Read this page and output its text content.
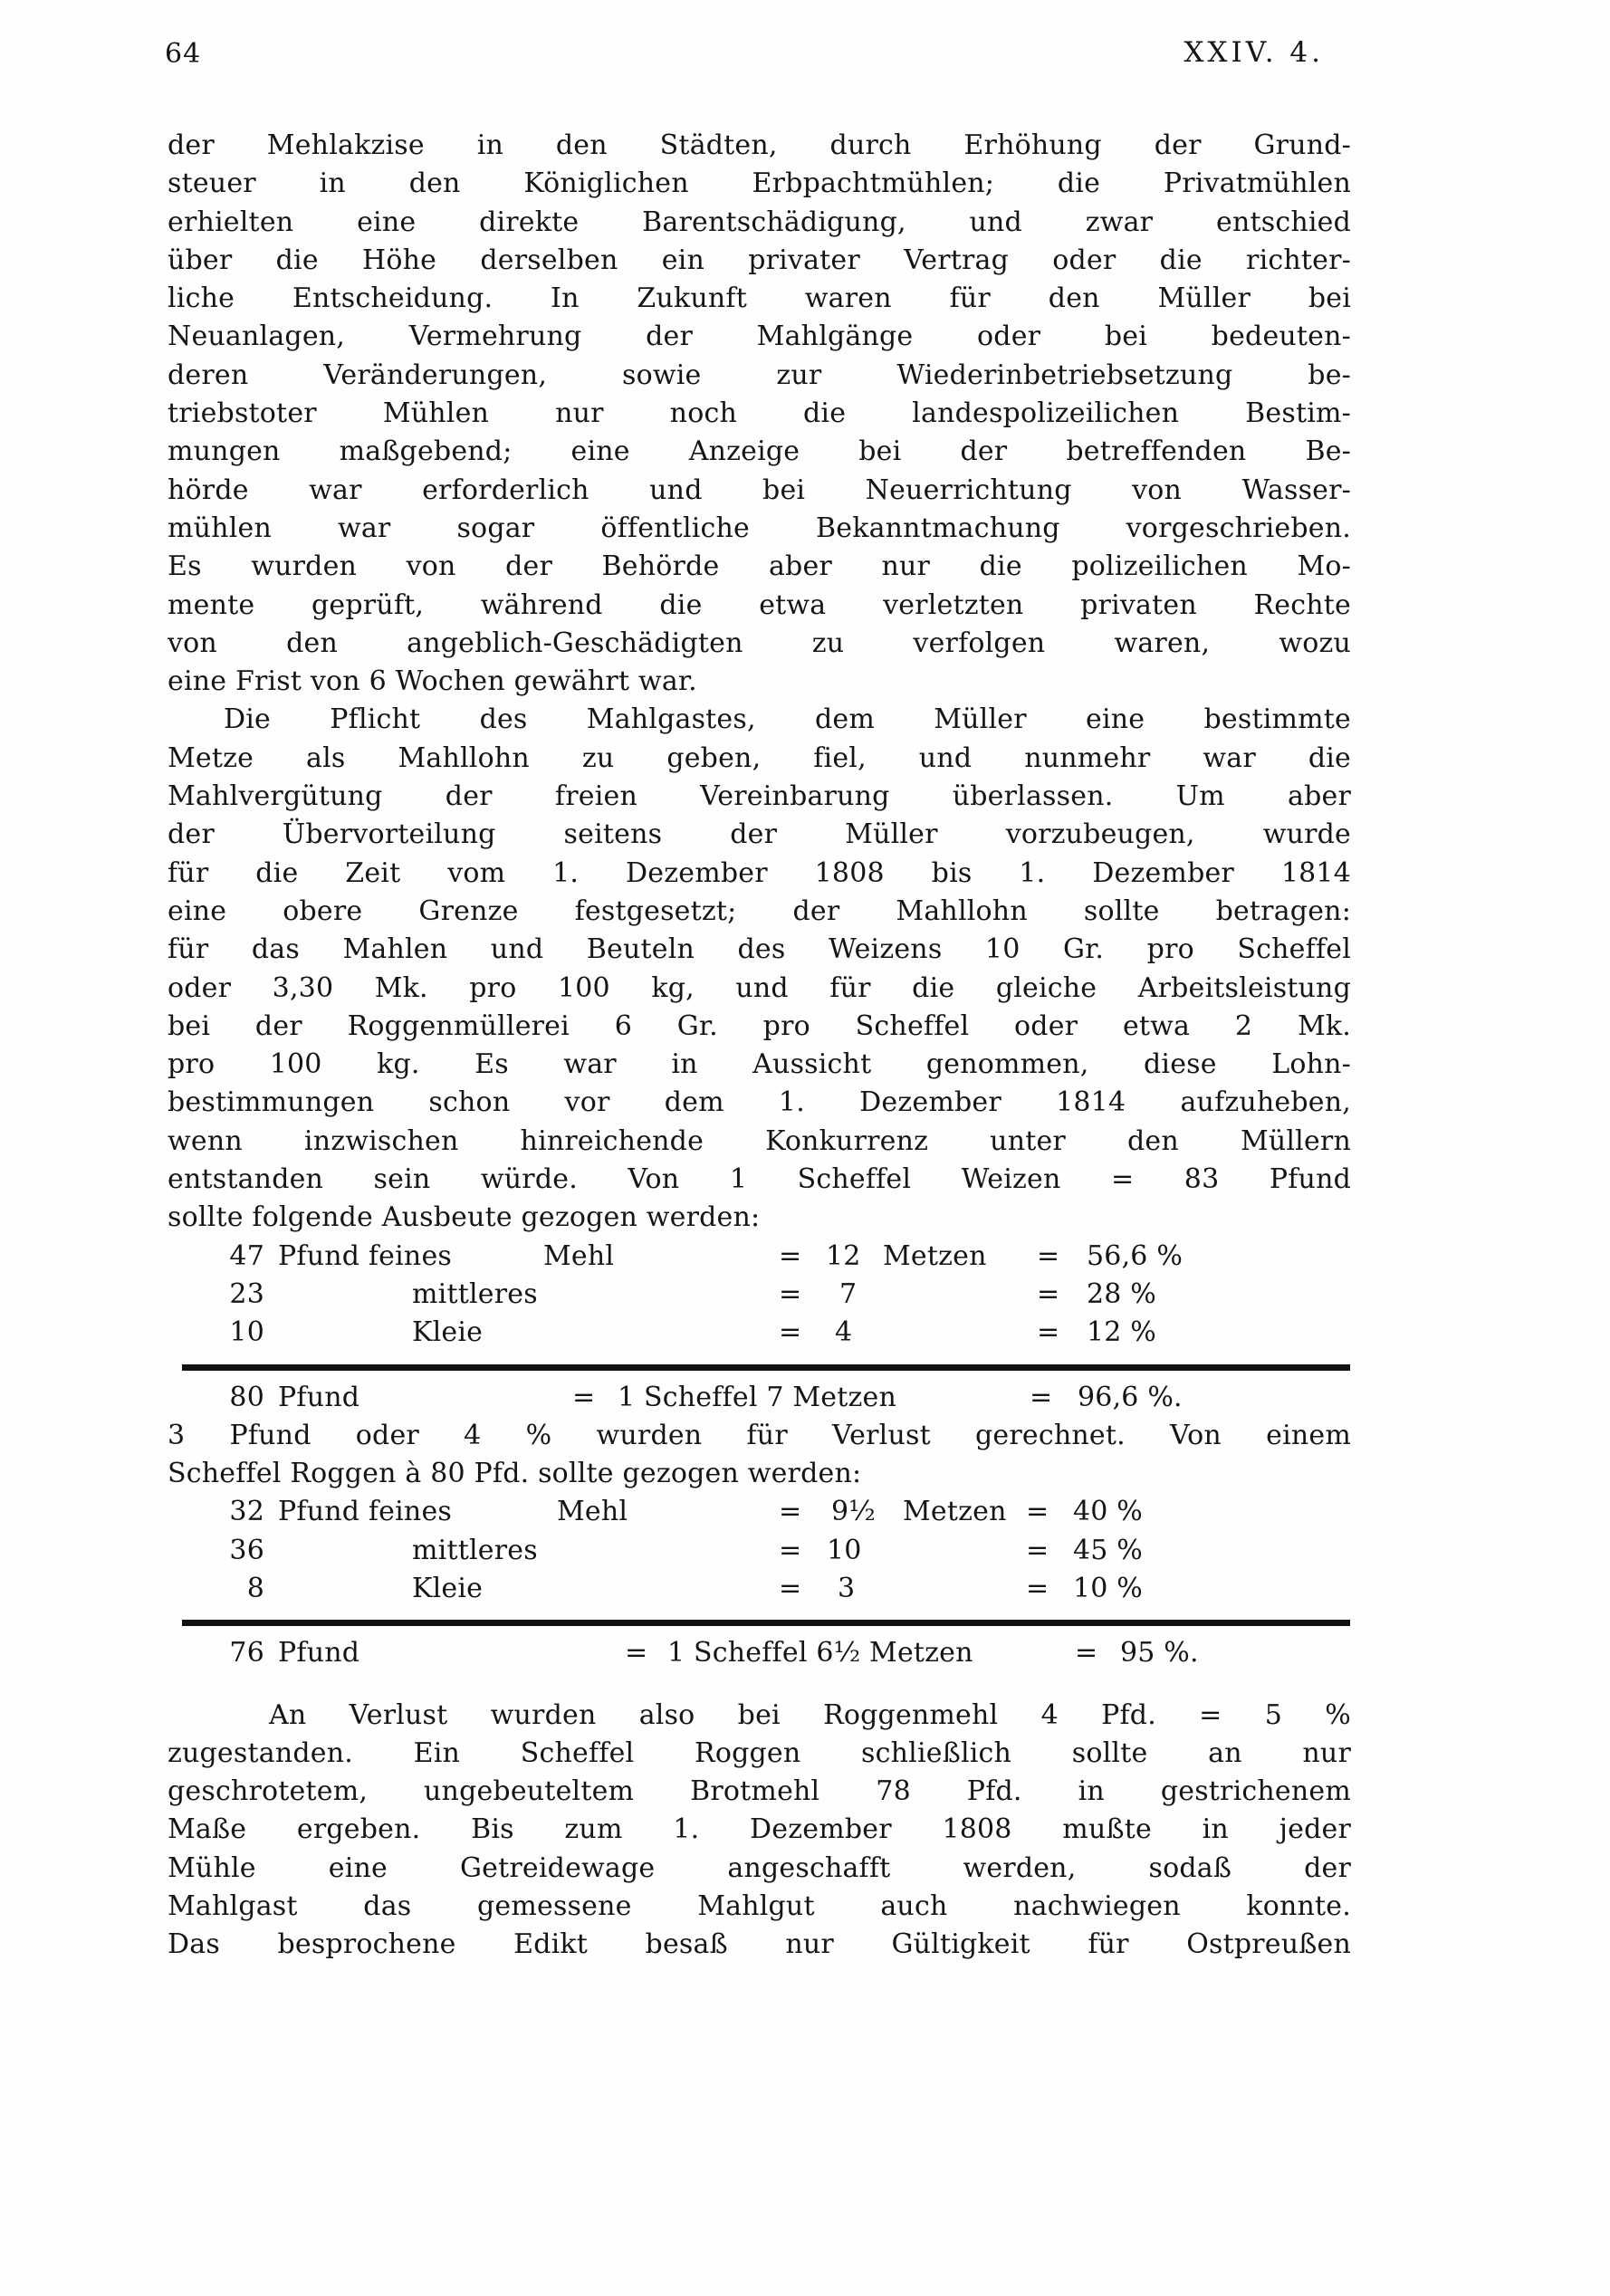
64	XXIV. 4.
der Mehlakzise in den Städten, durch Erhöhung der Grund-
steuer in den Königlichen Erbpachtmühlen; die Privatmühlen
erhielten eine direkte Barentschädigung, und zwar entschied
über die Höhe derselben ein privater Vertrag oder die richter-
liche Entscheidung. In Zukunft waren für den Müller bei
Neuanlagen, Vermehrung der Mahlgänge oder bei bedeuten-
deren Veränderungen, sowie zur Wiederinbetriebsetzung be-
triebstoter Mühlen nur noch die landespolizeilichen Bestim-
mungen maßgebend; eine Anzeige bei der betreffenden Be-
hörde war erforderlich und bei Neuerrichtung von Wasser-
mühlen war sogar öffentliche Bekanntmachung vorgeschrieben.
Es wurden von der Behörde aber nur die polizeilichen Mo-
mente geprüft, während die etwa verletzten privaten Rechte
von den angeblich-Geschädigten zu verfolgen waren, wozu
eine Frist von 6 Wochen gewährt war.
Die Pflicht des Mahlgastes, dem Müller eine bestimmte
Metze als Mahllohn zu geben, fiel, und nunmehr war die
Mahlvergütung der freien Vereinbarung überlassen. Um aber
der Übervorteilung seitens der Müller vorzubeugen, wurde
für die Zeit vom 1. Dezember 1808 bis 1. Dezember 1814
eine obere Grenze festgesetzt; der Mahllohn sollte betragen:
für das Mahlen und Beuteln des Weizens 10 Gr. pro Scheffel
oder 3,30 Mk. pro 100 kg, und für die gleiche Arbeitsleistung
bei der Roggenmüllerei 6 Gr. pro Scheffel oder etwa 2 Mk.
pro 100 kg. Es war in Aussicht genommen, diese Lohn-
bestimmungen schon vor dem 1. Dezember 1814 aufzuheben,
wenn inzwischen hinreichende Konkurrenz unter den Müllern
entstanden sein würde. Von 1 Scheffel Weizen = 83 Pfund
sollte folgende Ausbeute gezogen werden:
47 Pfund feines	Mehl	= 12 Metzen = 56,6 %
23	mittleres	= 7	= 28 %
10	Kleie	= 4	= 12 %
80 Pfund	= 1 Scheffel 7 Metzen	= 96,6 %.
3 Pfund oder 4 % wurden für Verlust gerechnet. Von einem
Scheffel Roggen à 80 Pfd. sollte gezogen werden:
32 Pfund feines	Mehl	= 9¹⁄₂ Metzen = 40 %
36	mittleres	= 10	= 45 %
8	Kleie	= 3	= 10 %
76 Pfund	= 1 Scheffel 6¹⁄₂ Metzen	= 95 %.
An Verlust wurden also bei Roggenmehl 4 Pfd. = 5 %
zugestanden. Ein Scheffel Roggen schließlich sollte an nur
geschrotetem, ungebeuteltem Brotmehl 78 Pfd. in gestrichenem
Maße ergeben. Bis zum 1. Dezember 1808 mußte in jeder
Mühle eine Getreidewage angeschafft werden, sodaß der
Mahlgast das gemessene Mahlgut auch nachwiegen konnte.
Das besprochene Edikt besaß nur Gültigkeit für Ostpreußen
